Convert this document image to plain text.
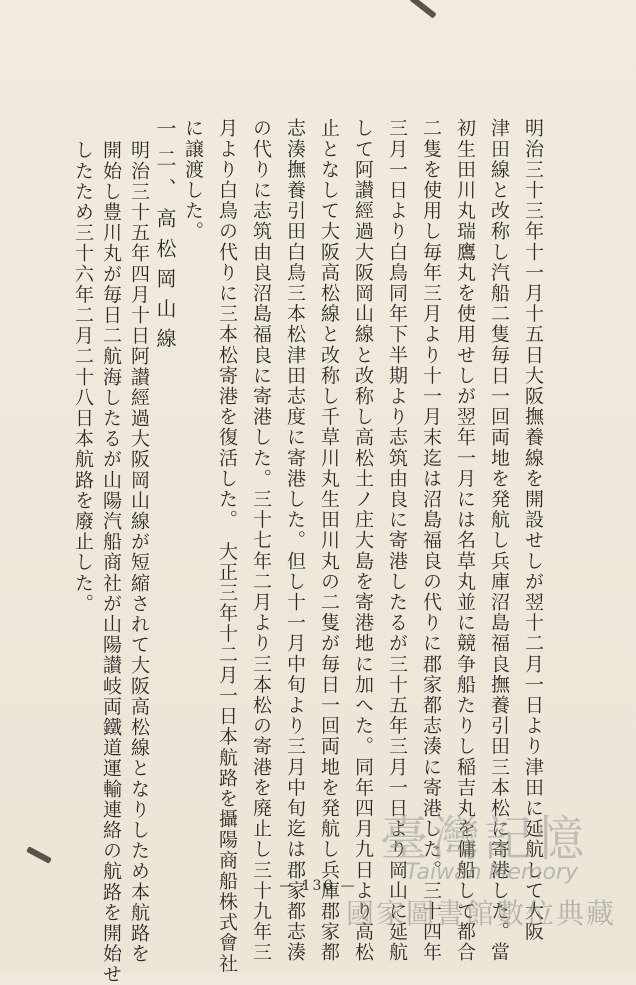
明治三十三年十一月十五日大阪撫養線を開設せしが翌十二月一日より津田に延航して大阪
津田線と改称し汽船二隻毎日一回両地を発航し兵庫沼島福良撫養引田三本松に寄港した。當
初生田川丸瑞鷹丸を使用せしが翌年一月には名草丸並に競争船たりし稲吉丸を傭船して都合
二隻を使用し毎年三月より十一月末迄は沼島福良の代りに郡家都志湊に寄港した。三十四年
三月一日より白鳥同年下半期より志筑由良に寄港したるが三十五年三月一日より岡山に延航
して阿讃經過大阪岡山線と改称し高松土ノ庄大島を寄港地に加へた。同年四月九日より高松
止となして大阪高松線と改称し千草川丸生田川丸の二隻が毎日一回両地を発航し兵庫郡家都
志湊撫養引田白鳥三本松津田志度に寄港した。但し十一月中旬より三月中旬迄は郡家都志湊
の代りに志筑由良沼島福良に寄港した。三十七年二月より三本松の寄港を廃止し三十九年三
月より白鳥の代りに三本松寄港を復活した。　大正三年十二月一日本航路を攝陽商船株式會社
に譲渡した。
一二、高松岡山線
明治三十五年四月十日阿讃經過大阪岡山線が短縮されて大阪高松線となりしため本航路を
開始し豊川丸が毎日二航海したるが山陽汽船商社が山陽讃岐両鐵道運輸連絡の航路を開始せ
したため三十六年二月二十八日本航路を廢止した。
— 136 —
臺灣記憶
Taiwan Memory
國家圖書館數位典藏
